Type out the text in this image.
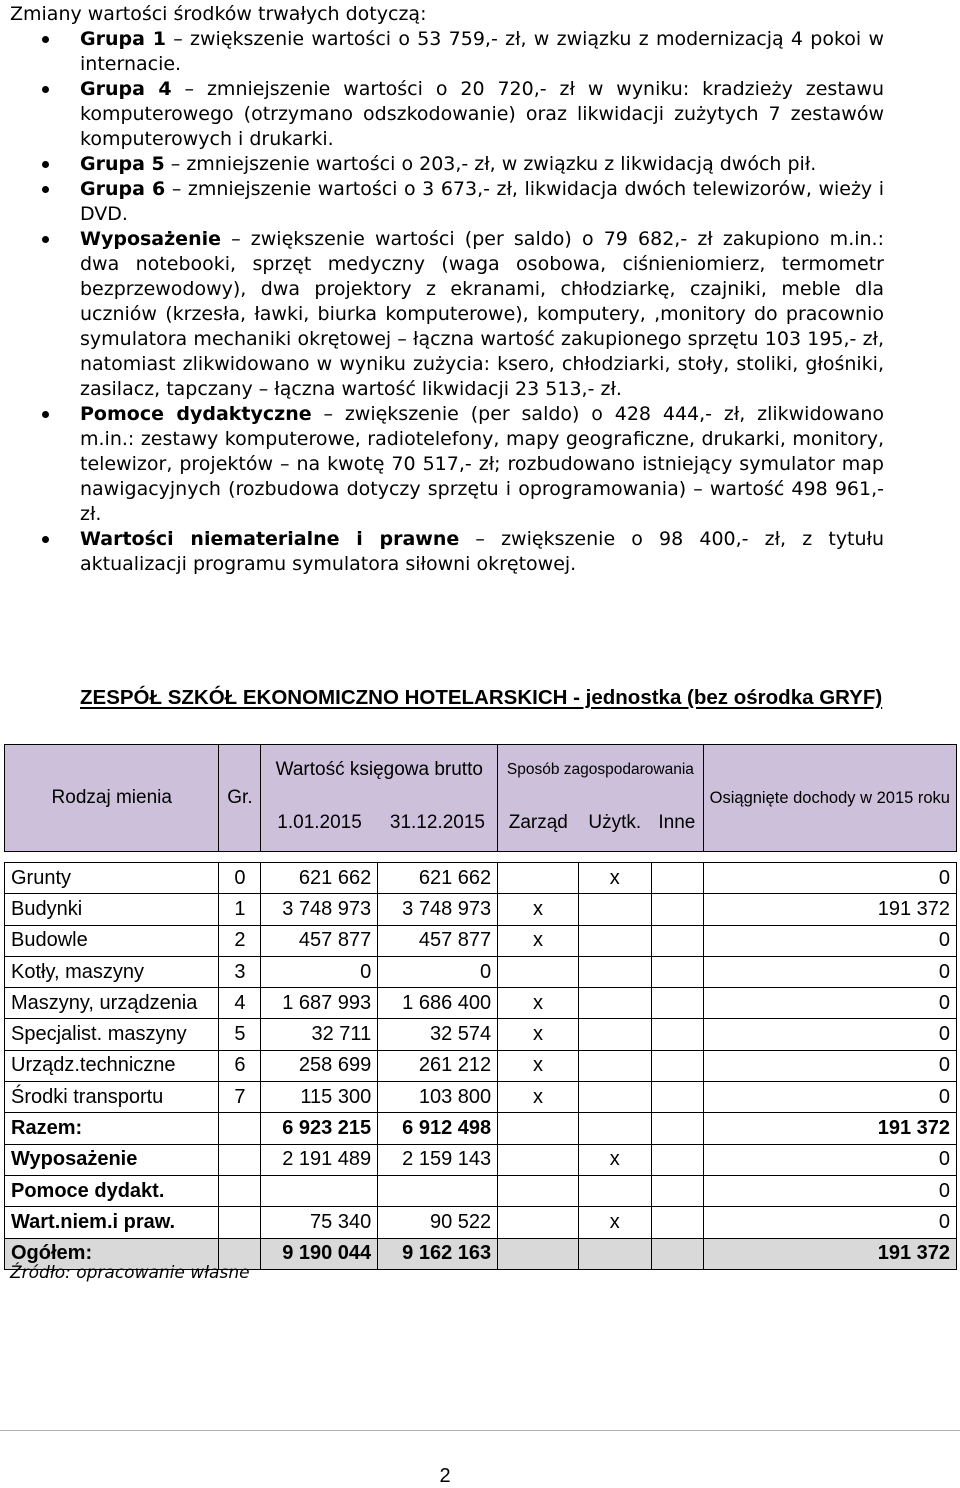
Zmiany wartości środków trwałych dotyczą:
Grupa 1 – zwiększenie wartości o 53 759,- zł, w związku z modernizacją 4 pokoi w internacie.
Grupa 4 – zmniejszenie wartości o 20 720,- zł w wyniku: kradzieży zestawu komputerowego (otrzymano odszkodowanie) oraz likwidacji zużytych 7 zestawów komputerowych i drukarki.
Grupa 5 – zmniejszenie wartości o 203,- zł, w związku z likwidacją dwóch pił.
Grupa 6 – zmniejszenie wartości o 3 673,- zł, likwidacja dwóch telewizorów, wieży i DVD.
Wyposażenie – zwiększenie wartości (per saldo) o 79 682,- zł zakupiono m.in.: dwa notebooki, sprzęt medyczny (waga osobowa, ciśnieniomierz, termometr bezprzewodowy), dwa projektory z ekranami, chłodziarkę, czajniki, meble dla uczniów (krzesła, ławki, biurka komputerowe), komputery, ,monitory do pracownio symulatora mechaniki okrętowej – łączna wartość zakupionego sprzętu 103 195,- zł, natomiast zlikwidowano w wyniku zużycia: ksero, chłodziarki, stoły, stoliki, głośniki, zasilacz, tapczany – łączna wartość likwidacji 23 513,- zł.
Pomoce dydaktyczne – zwiększenie (per saldo) o 428 444,- zł, zlikwidowano m.in.: zestawy komputerowe, radiotelefony, mapy geograficzne, drukarki, monitory, telewizor, projektów – na kwotę 70 517,- zł; rozbudowano istniejący symulator map nawigacyjnych (rozbudowa dotyczy sprzętu i oprogramowania) – wartość 498 961,- zł.
Wartości niematerialne i prawne – zwiększenie o 98 400,- zł, z tytułu aktualizacji programu symulatora siłowni okrętowej.
ZESPÓŁ SZKÓŁ EKONOMICZNO HOTELARSKICH - jednostka (bez ośrodka GRYF)
Rodzaj mienia	Gr.	Wartość księgowa brutto		Sposób zagospodarowania			Osiągnięte dochody w 2015 roku
		1.01.2015	31.12.2015	Zarząd	Użytk.	Inne	

Grunty	0	621 662	621 662		x		0
Budynki	1	3 748 973	3 748 973	x			191 372
Budowle	2	457 877	457 877	x			0
Kotły, maszyny	3	0	0				0
Maszyny, urządzenia	4	1 687 993	1 686 400	x			0
Specjalist. maszyny	5	32 711	32 574	x			0
Urządz.techniczne	6	258 699	261 212	x			0
Środki transportu	7	115 300	103 800	x			0
Razem:		6 923 215	6 912 498				191 372
Wyposażenie		2 191 489	2 159 143		x		0
Pomoce dydakt.							0
Wart.niem.i praw.		75 340	90 522		x		0
Ogółem:		9 190 044	9 162 163				191 372
Źródło: opracowanie własne
2
